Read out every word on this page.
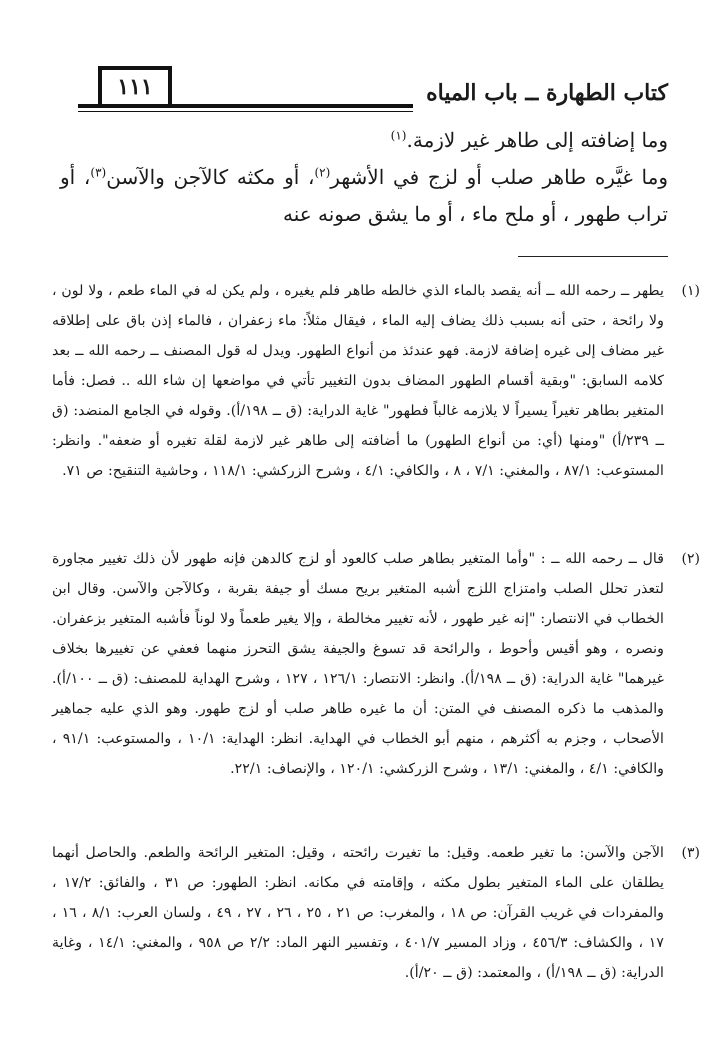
كتاب الطهارة ــ باب المياه
١١١

وما إضافته إلى طاهر غير لازمة.$^{(١)}$

وما غيَّره طاهر صلب أو لزج في الأشهر$^{(٢)}$، أو مكثه كالآجن والآسن$^{(٣)}$، أو تراب طهور ، أو ملح ماء ، أو ما يشق صونه عنه

(١)

يطهر ــ رحمه الله ــ أنه يقصد بالماء الذي خالطه طاهر فلم يغيره ، ولم يكن له في الماء طعم ، ولا لون ، ولا رائحة ، حتى أنه بسبب ذلك يضاف إليه الماء ، فيقال مثلاً: ماء زعفران ، فالماء إذن باق على إطلاقه غير مضاف إلى غيره إضافة لازمة. فهو عندئذ من أنواع الطهور. ويدل له قول المصنف ــ رحمه الله ــ بعد كلامه السابق: "وبقية أقسام الطهور المضاف بدون التغيير تأتي في مواضعها إن شاء الله .. فصل: فأما المتغير بطاهر تغيراً يسيراً لا يلازمه غالباً فطهور" غاية الدراية: (ق ــ ١٩٨/أ). وقوله في الجامع المنضد: (ق ــ ٢٣٩/أ) "ومنها (أي: من أنواع الطهور) ما أضافته إلى طاهر غير لازمة لقلة تغيره أو ضعفه". وانظر: المستوعب: ٨٧/١ ، والمغني: ٧/١ ، ٨ ، والكافي: ٤/١ ، وشرح الزركشي: ١١٨/١ ، وحاشية التنقيح: ص ٧١.

(٢)

قال ــ رحمه الله ــ : "وأما المتغير بطاهر صلب كالعود أو لزج كالدهن فإنه طهور لأن ذلك تغيير مجاورة لتعذر تحلل الصلب وامتزاج اللزج أشبه المتغير بريح مسك أو جيفة بقربة ، وكالآجن والآسن. وقال ابن الخطاب في الانتصار: "إنه غير طهور ، لأنه تغيير مخالطة ، وإلا يغير طعماً ولا لوناً فأشبه المتغير بزعفران. ونصره ، وهو أقيس وأحوط ، والرائحة قد تسوغ والجيفة يشق التحرز منهما فعفي عن تغييرها بخلاف غيرهما" غاية الدراية: (ق ــ ١٩٨/أ). وانظر: الانتصار: ١٢٦/١ ، ١٢٧ ، وشرح الهداية للمصنف: (ق ــ ١٠٠/أ). والمذهب ما ذكره المصنف في المتن: أن ما غيره طاهر صلب أو لزج طهور. وهو الذي عليه جماهير الأصحاب ، وجزم به أكثرهم ، منهم أبو الخطاب في الهداية. انظر: الهداية: ١٠/١ ، والمستوعب: ٩١/١ ، والكافي: ٤/١ ، والمغني: ١٣/١ ، وشرح الزركشي: ١٢٠/١ ، والإنصاف: ٢٢/١.

(٣)

الآجن والآسن: ما تغير طعمه. وقيل: ما تغيرت رائحته ، وقيل: المتغير الرائحة والطعم. والحاصل أنهما يطلقان على الماء المتغير بطول مكثه ، وإقامته في مكانه. انظر: الطهور: ص ٣١ ، والفائق: ١٧/٢ ، والمفردات في غريب القرآن: ص ١٨ ، والمغرب: ص ٢١ ، ٢٥ ، ٢٦ ، ٢٧ ، ٤٩ ، ولسان العرب: ٨/١ ، ١٦ ، ١٧ ، والكشاف: ٤٥٦/٣ ، وزاد المسير ٤٠١/٧ ، وتفسير النهر الماد: ٢/٢ ص ٩٥٨ ، والمغني: ١٤/١ ، وغاية الدراية: (ق ــ ١٩٨/أ) ، والمعتمد: (ق ــ ٢٠/أ).
